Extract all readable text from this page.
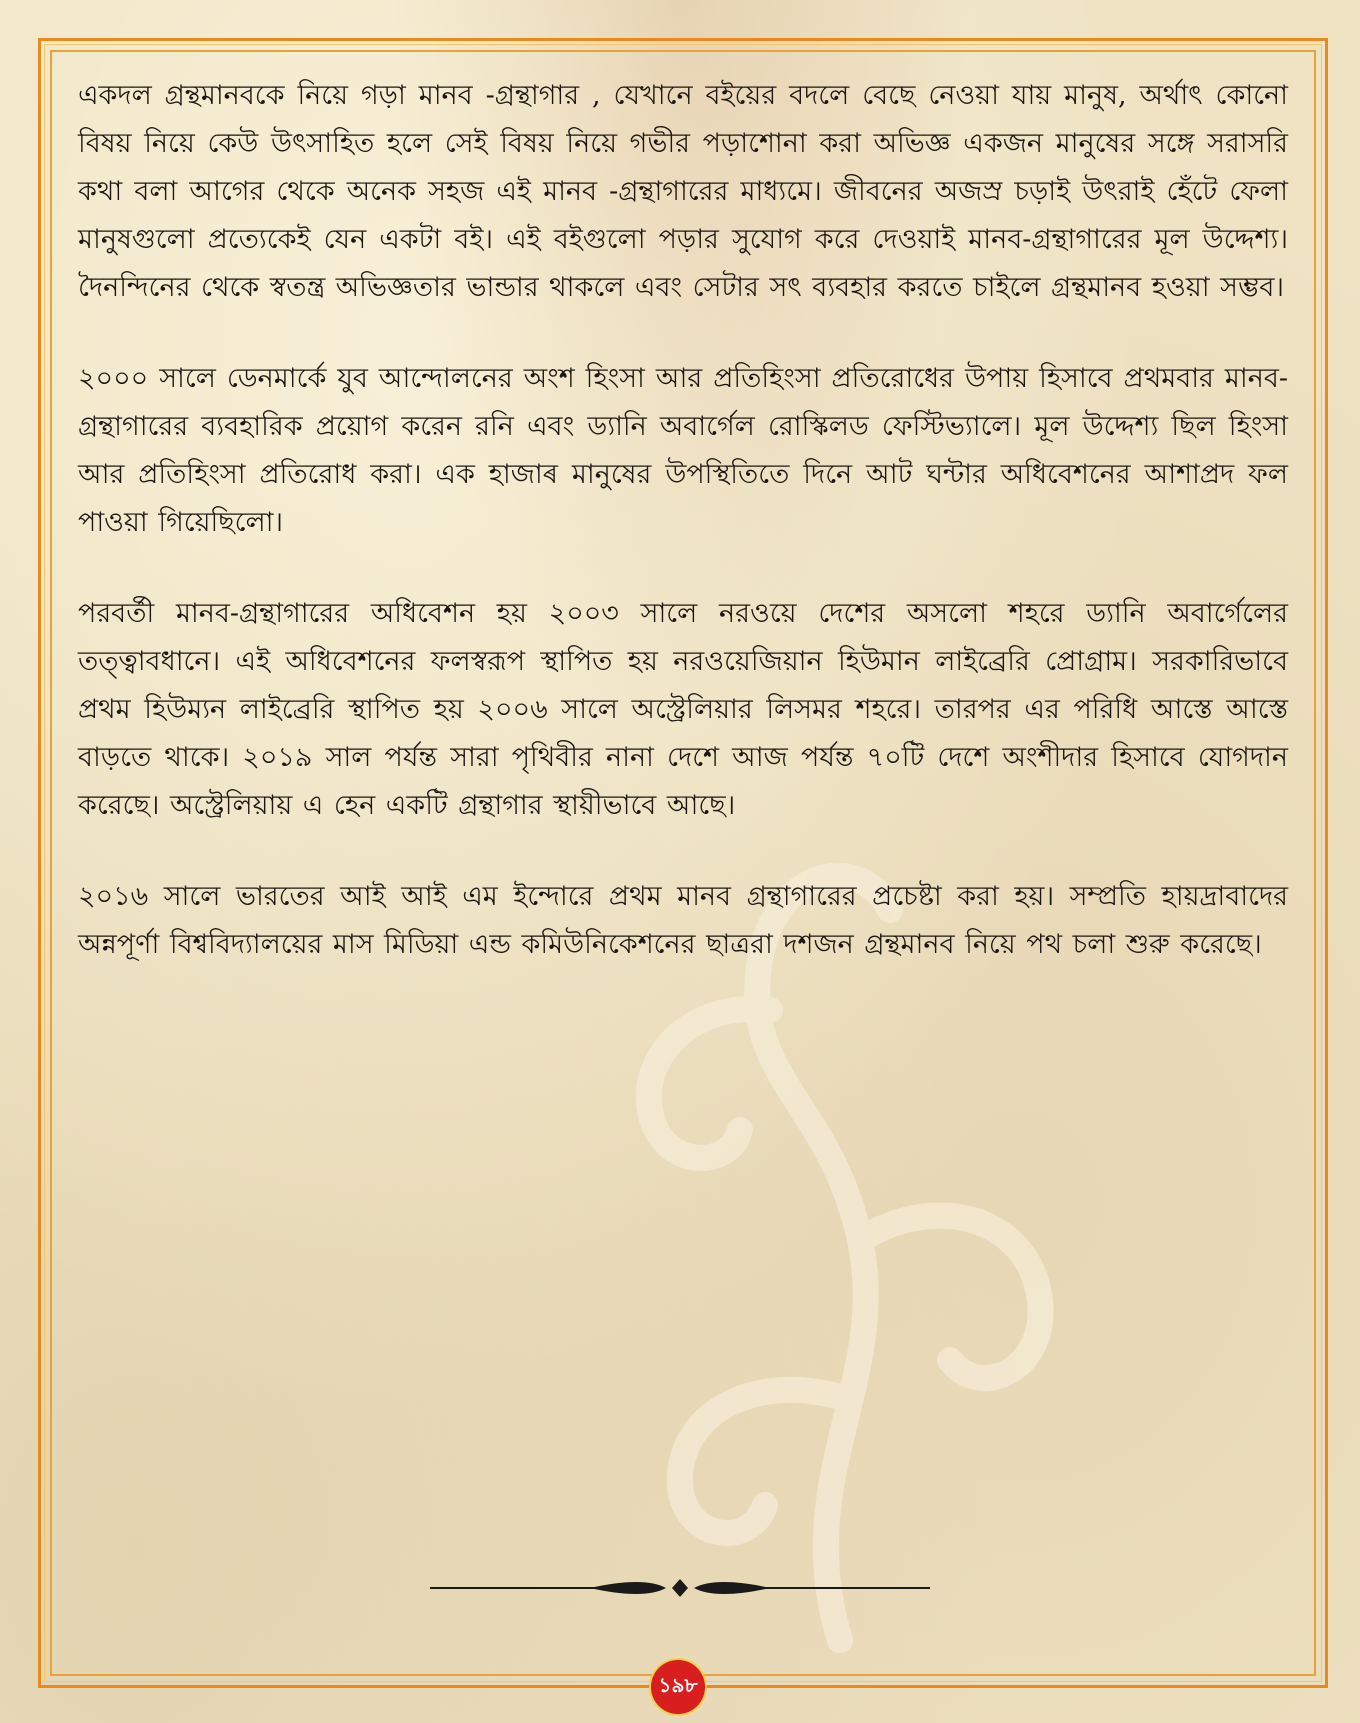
একদল গ্রন্থমানবকে নিয়ে গড়া মানব -গ্রন্থাগার , যেখানে বইয়ের বদলে বেছে নেওয়া যায় মানুষ, অর্থাৎ কোনো বিষয় নিয়ে কেউ উৎসাহিত হলে সেই বিষয় নিয়ে গভীর পড়াশোনা করা অভিজ্ঞ একজন মানুষের সঙ্গে সরাসরি কথা বলা আগের থেকে অনেক সহজ এই মানব -গ্রন্থাগারের মাধ্যমে। জীবনের অজস্র চড়াই উৎরাই হেঁটে ফেলা মানুষগুলো প্রত্যেকেই যেন একটা বই। এই বইগুলো পড়ার সুযোগ করে দেওয়াই মানব-গ্রন্থাগারের মূল উদ্দেশ্য। দৈনন্দিনের থেকে স্বতন্ত্র অভিজ্ঞতার ভান্ডার থাকলে এবং সেটার সৎ ব্যবহার করতে চাইলে গ্রন্থমানব হওয়া সম্ভব।

২০০০ সালে ডেনমার্কে যুব আন্দোলনের অংশ হিংসা আর প্রতিহিংসা প্রতিরোধের উপায় হিসাবে প্রথমবার মানব-গ্রন্থাগারের ব্যবহারিক প্রয়োগ করেন রনি এবং ড্যানি অবার্গেল রোস্কিলড ফেস্টিভ্যালে। মূল উদ্দেশ্য ছিল হিংসা আর প্রতিহিংসা প্রতিরোধ করা। এক হাজাৰ মানুষের উপস্থিতিতে দিনে আট ঘন্টার অধিবেশনের আশাপ্রদ ফল পাওয়া গিয়েছিলো।

পরবর্তী মানব-গ্রন্থাগারের অধিবেশন হয় ২০০৩ সালে নরওয়ে দেশের অসলো শহরে ড্যানি অবার্গেলের তত্ত্বাবধানে। এই অধিবেশনের ফলস্বরূপ স্থাপিত হয় নরওয়েজিয়ান হিউমান লাইব্রেরি প্রোগ্রাম। সরকারিভাবে প্রথম হিউম্যন লাইব্রেরি স্থাপিত হয় ২০০৬ সালে অস্ট্রেলিয়ার লিসমর শহরে। তারপর এর পরিধি আস্তে আস্তে বাড়তে থাকে। ২০১৯ সাল পর্যন্ত সারা পৃথিবীর নানা দেশে আজ পর্যন্ত ৭০টি দেশে অংশীদার হিসাবে যোগদান করেছে। অস্ট্রেলিয়ায় এ হেন একটি গ্রন্থাগার স্থায়ীভাবে আছে।

২০১৬ সালে ভারতের আই আই এম ইন্দোরে প্রথম মানব গ্রন্থাগারের প্রচেষ্টা করা হয়। সম্প্রতি হায়দ্রাবাদের অন্নপূর্ণা বিশ্ববিদ্যালয়ের মাস মিডিয়া এন্ড কমিউনিকেশনের ছাত্ররা দশজন গ্রন্থমানব নিয়ে পথ চলা শুরু করেছে।

১৯৮
